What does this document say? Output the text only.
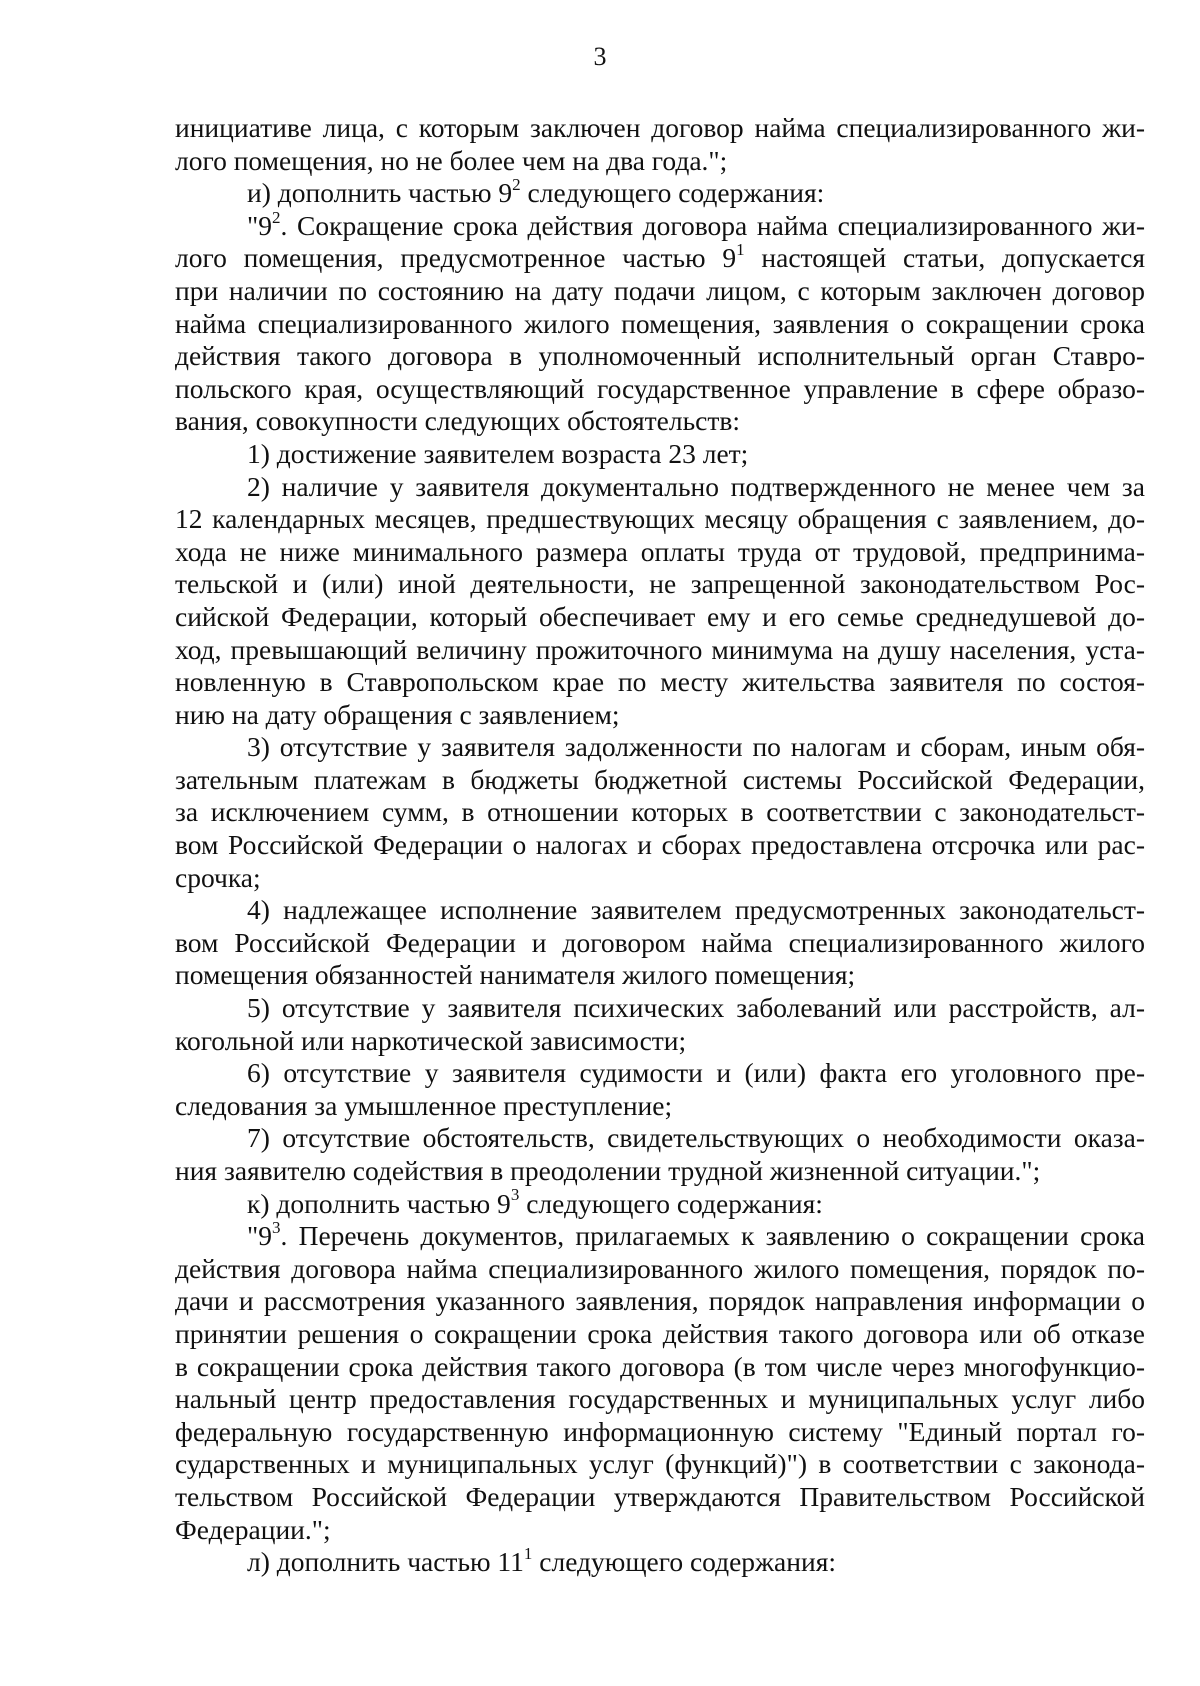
3

инициативе лица, с которым заключен договор найма специализированного жи-

лого помещения, но не более чем на два года.";

и) дополнить частью $9^2$ следующего содержания:

"$9^2$. Сокращение срока действия договора найма специализированного жи-

лого помещения, предусмотренное частью $9^1$ настоящей статьи, допускается

при наличии по состоянию на дату подачи лицом, с которым заключен договор

найма специализированного жилого помещения, заявления о сокращении срока

действия такого договора в уполномоченный исполнительный орган Ставро-

польского края, осуществляющий государственное управление в сфере образо-

вания, совокупности следующих обстоятельств:

1) достижение заявителем возраста 23 лет;

2) наличие у заявителя документально подтвержденного не менее чем за

12 календарных месяцев, предшествующих месяцу обращения с заявлением, до-

хода не ниже минимального размера оплаты труда от трудовой, предпринима-

тельской и (или) иной деятельности, не запрещенной законодательством Рос-

сийской Федерации, который обеспечивает ему и его семье среднедушевой до-

ход, превышающий величину прожиточного минимума на душу населения, уста-

новленную в Ставропольском крае по месту жительства заявителя по состоя-

нию на дату обращения с заявлением;

3) отсутствие у заявителя задолженности по налогам и сборам, иным обя-

зательным платежам в бюджеты бюджетной системы Российской Федерации,

за исключением сумм, в отношении которых в соответствии с законодательст-

вом Российской Федерации о налогах и сборах предоставлена отсрочка или рас-

срочка;

4) надлежащее исполнение заявителем предусмотренных законодательст-

вом Российской Федерации и договором найма специализированного жилого

помещения обязанностей нанимателя жилого помещения;

5) отсутствие у заявителя психических заболеваний или расстройств, ал-

когольной или наркотической зависимости;

6) отсутствие у заявителя судимости и (или) факта его уголовного пре-

следования за умышленное преступление;

7) отсутствие обстоятельств, свидетельствующих о необходимости оказа-

ния заявителю содействия в преодолении трудной жизненной ситуации.";

к) дополнить частью $9^3$ следующего содержания:

"$9^3$. Перечень документов, прилагаемых к заявлению о сокращении срока

действия договора найма специализированного жилого помещения, порядок по-

дачи и рассмотрения указанного заявления, порядок направления информации о

принятии решения о сокращении срока действия такого договора или об отказе

в сокращении срока действия такого договора (в том числе через многофункцио-

нальный центр предоставления государственных и муниципальных услуг либо

федеральную государственную информационную систему "Единый портал го-

сударственных и муниципальных услуг (функций)") в соответствии с законода-

тельством Российской Федерации утверждаются Правительством Российской

Федерации.";

л) дополнить частью $11^1$ следующего содержания:
